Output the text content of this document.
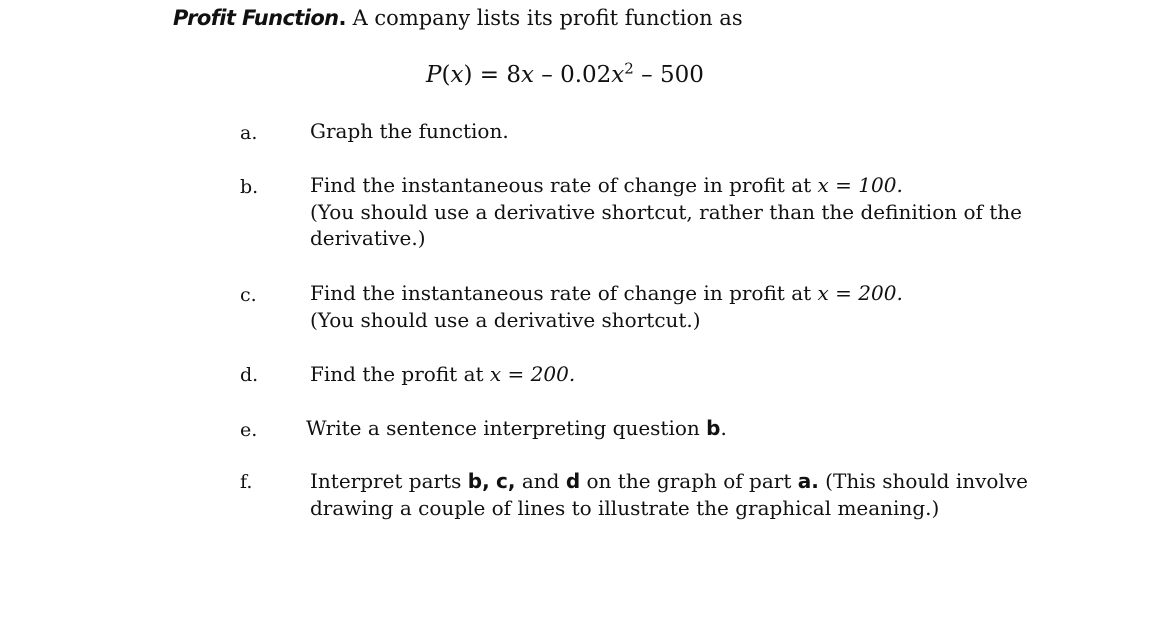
Profit Function. A company lists its profit function as
$P(x) = 8x - 0.02x^2 - 500$
a.	Graph the function.
b.	Find the instantaneous rate of change in profit at x = 100.
(You should use a derivative shortcut, rather than the definition of the
derivative.)
c.	Find the instantaneous rate of change in profit at x = 200.
(You should use a derivative shortcut.)
d.	Find the profit at x = 200.
e. Write a sentence interpreting question b.
f.	Interpret parts b, c, and d on the graph of part a. (This should involve
drawing a couple of lines to illustrate the graphical meaning.)
